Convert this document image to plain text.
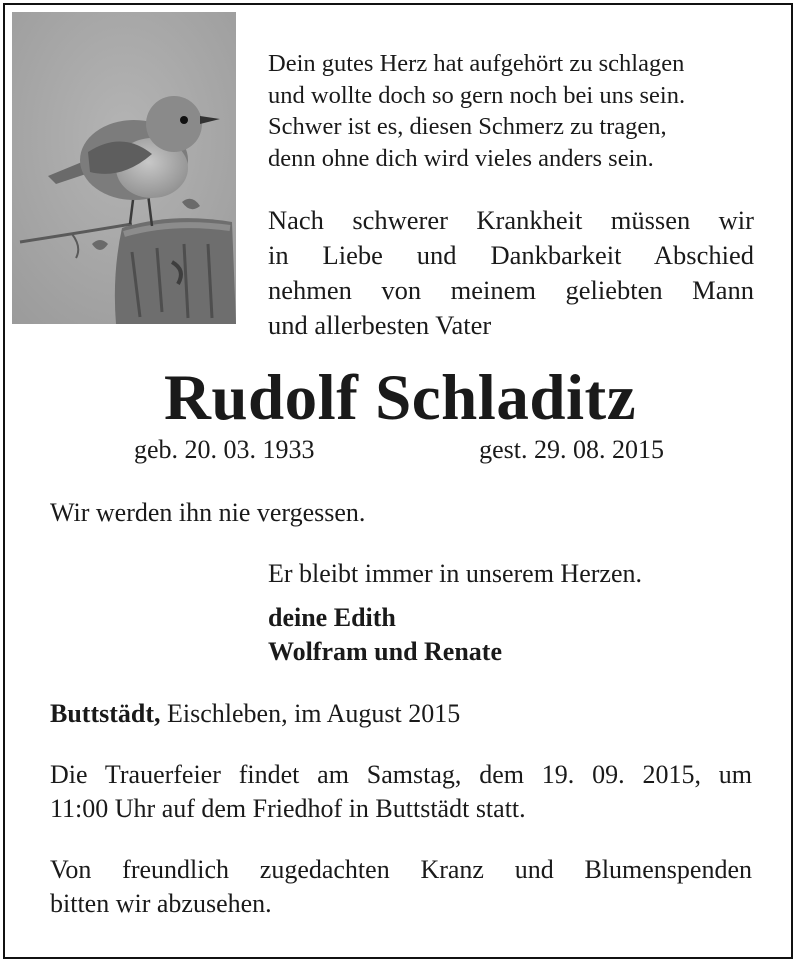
Dein gutes Herz hat aufgehört zu schlagen
und wollte doch so gern noch bei uns sein.
Schwer ist es, diesen Schmerz zu tragen,
denn ohne dich wird vieles anders sein.
Nach schwerer Krankheit müssen wir
in Liebe und Dankbarkeit Abschied
nehmen von meinem geliebten Mann
und allerbesten Vater
Rudolf Schladitz
geb. 20. 03. 1933	gest. 29. 08. 2015
Wir werden ihn nie vergessen.
Er bleibt immer in unserem Herzen.
deine Edith
Wolfram und Renate
Buttstädt, Eischleben, im August 2015
Die Trauerfeier findet am Samstag, dem 19. 09. 2015, um
11:00 Uhr auf dem Friedhof in Buttstädt statt.
Von freundlich zugedachten Kranz und Blumenspenden
bitten wir abzusehen.
